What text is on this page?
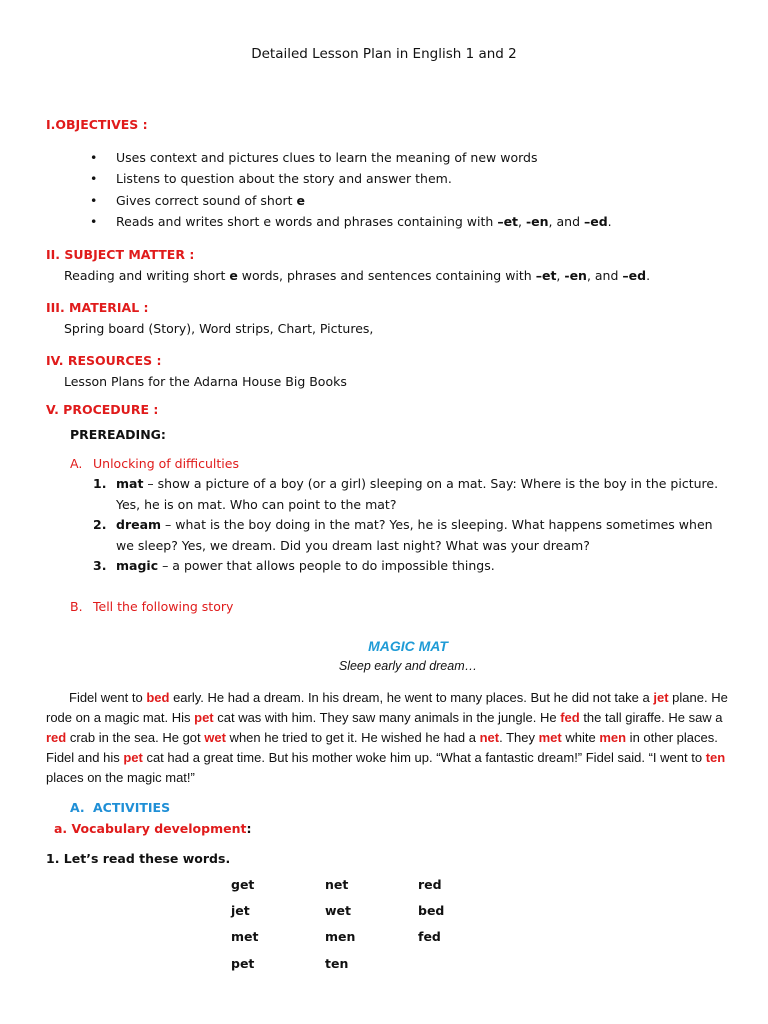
Detailed Lesson Plan in English 1 and 2
I.OBJECTIVES :
• Uses context and pictures clues to learn the meaning of new words
• Listens to question about the story and answer them.
• Gives correct sound of short e
• Reads and writes short e words and phrases containing with –et, -en, and –ed.
II. SUBJECT MATTER :
Reading and writing short e words, phrases and sentences containing with –et, -en, and –ed.
III. MATERIAL :
Spring board (Story), Word strips, Chart, Pictures,
IV. RESOURCES :
Lesson Plans for the Adarna House Big Books
V. PROCEDURE :
PREREADING:
A. Unlocking of difficulties
1. mat – show a picture of a boy (or a girl) sleeping on a mat. Say: Where is the boy in the picture.
Yes, he is on mat. Who can point to the mat?
2. dream – what is the boy doing in the mat? Yes, he is sleeping. What happens sometimes when
we sleep? Yes, we dream. Did you dream last night? What was your dream?
3. magic – a power that allows people to do impossible things.
B. Tell the following story
MAGIC MAT
Sleep early and dream…
Fidel went to bed early. He had a dream. In his dream, he went to many places. But he did not take a jet plane. He
rode on a magic mat. His pet cat was with him. They saw many animals in the jungle. He fed the tall giraffe. He saw a
red crab in the sea. He got wet when he tried to get it. He wished he had a net. They met white men in other places.
Fidel and his pet cat had a great time. But his mother woke him up. “What a fantastic dream!” Fidel said. “I went to ten
places on the magic mat!”
A. ACTIVITIES
a. Vocabulary development:
1. Let’s read these words.
get	net	red
jet	wet	bed
met	men	fed
pet	ten
